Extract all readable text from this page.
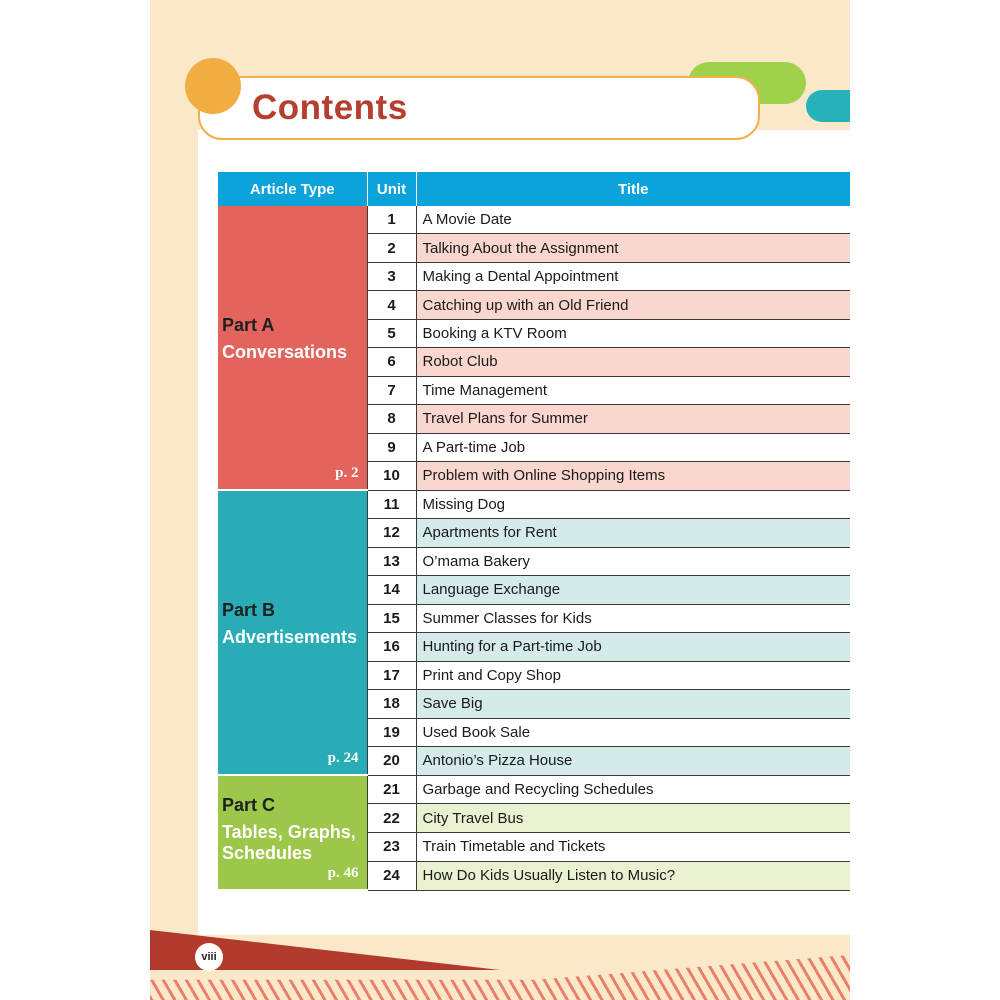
Contents
Article Type	Unit	Title

Part A
Conversations
p. 2	1	A Movie Date
	2	Talking About the Assignment
	3	Making a Dental Appointment
	4	Catching up with an Old Friend
	5	Booking a KTV Room
	6	Robot Club
	7	Time Management
	8	Travel Plans for Summer
	9	A Part-time Job
	10	Problem with Online Shopping Items

Part B
Advertisements
p. 24	11	Missing Dog
	12	Apartments for Rent
	13	O’mama Bakery
	14	Language Exchange
	15	Summer Classes for Kids
	16	Hunting for a Part-time Job
	17	Print and Copy Shop
	18	Save Big
	19	Used Book Sale
	20	Antonio’s Pizza House

Part C
Tables, Graphs,
Schedules
p. 46	21	Garbage and Recycling Schedules
	22	City Travel Bus
	23	Train Timetable and Tickets
	24	How Do Kids Usually Listen to Music?
viii
